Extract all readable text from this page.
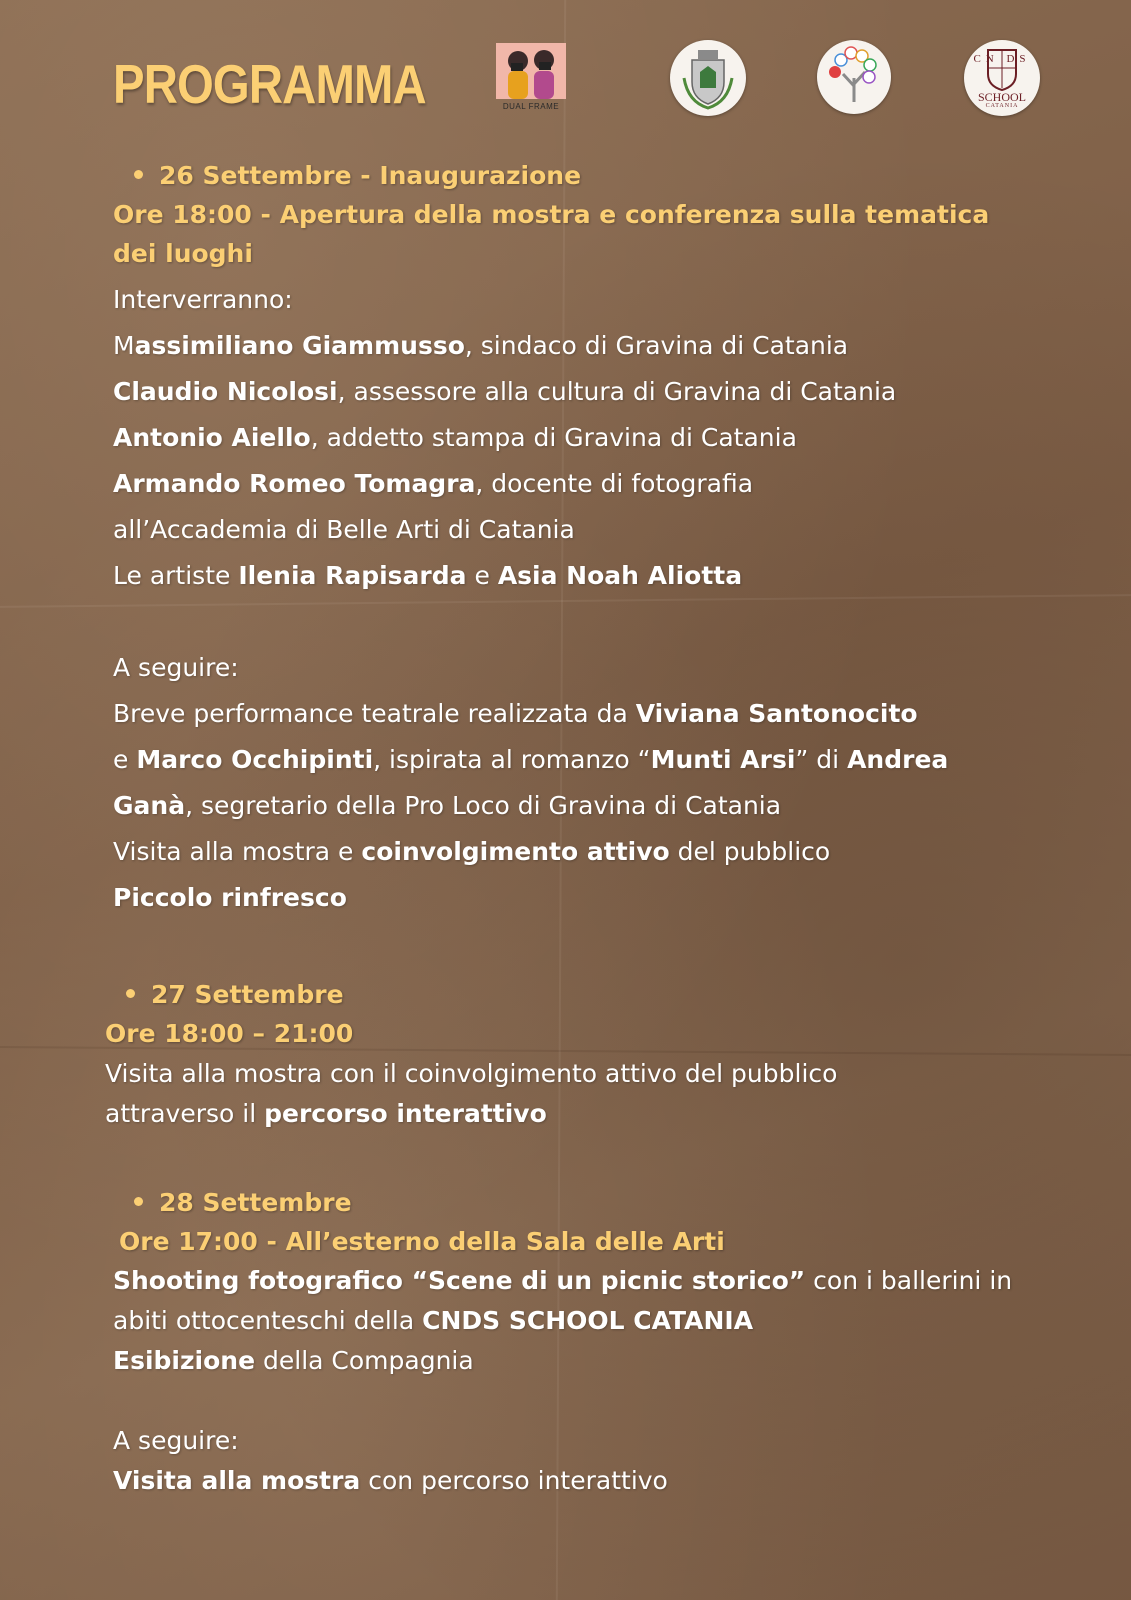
PROGRAMMA	DUAL FRAME
CN DS
SCHOOL
CATANIA
26 Settembre - Inaugurazione
Ore 18:00 - Apertura della mostra e conferenza sulla tematica
dei luoghi
Interverranno:
Massimiliano Giammusso, sindaco di Gravina di Catania
Claudio Nicolosi, assessore alla cultura di Gravina di Catania
Antonio Aiello, addetto stampa di Gravina di Catania
Armando Romeo Tomagra, docente di fotografia
all’Accademia di Belle Arti di Catania
Le artiste Ilenia Rapisarda e Asia Noah Aliotta
A seguire:
Breve performance teatrale realizzata da Viviana Santonocito
e Marco Occhipinti, ispirata al romanzo “Munti Arsi” di Andrea
Ganà, segretario della Pro Loco di Gravina di Catania
Visita alla mostra e coinvolgimento attivo del pubblico
Piccolo rinfresco
27 Settembre
Ore 18:00 – 21:00
Visita alla mostra con il coinvolgimento attivo del pubblico
attraverso il percorso interattivo
28 Settembre
Ore 17:00 - All’esterno della Sala delle Arti
Shooting fotografico “Scene di un picnic storico” con i ballerini in
abiti ottocenteschi della CNDS SCHOOL CATANIA
Esibizione della Compagnia
A seguire:
Visita alla mostra con percorso interattivo
